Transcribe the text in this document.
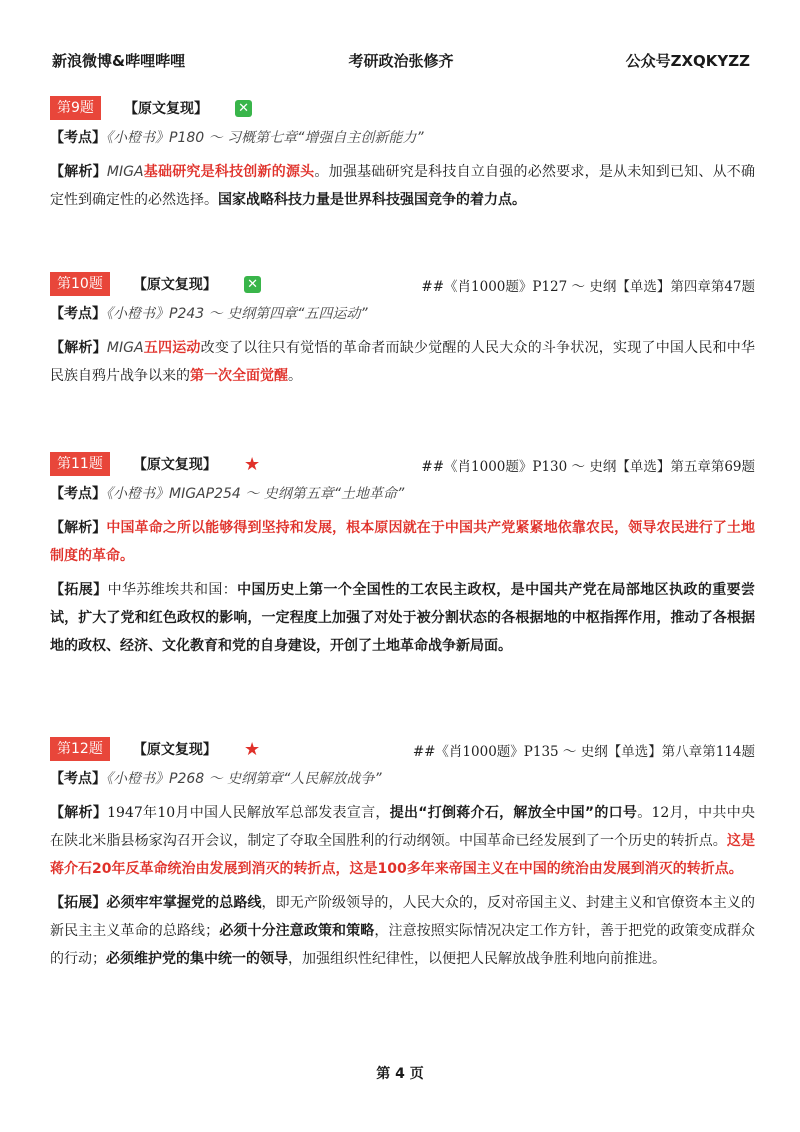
新浪微博&哔哩哔哩	考研政治张修齐	公众号ZXQKYZZ
第9题 【原文复现】 ✕
【考点】《小橙书》P180 ～ 习概第七章“增强自主创新能力”
【解析】MIGA基础研究是科技创新的源头。加强基础研究是科技自立自强的必然要求，是从未知到已知、从不确定性到确定性的必然选择。国家战略科技力量是世界科技强国竞争的着力点。
第10题 【原文复现】 ✕	##《肖1000题》P127 ～ 史纲【单选】第四章第47题
【考点】《小橙书》P243 ～ 史纲第四章“五四运动”
【解析】MIGA五四运动改变了以往只有觉悟的革命者而缺少觉醒的人民大众的斗争状况，实现了中国人民和中华民族自鸦片战争以来的第一次全面觉醒。
第11题 【原文复现】 ★	##《肖1000题》P130 ～ 史纲【单选】第五章第69题
【考点】《小橙书》MIGAP254 ～ 史纲第五章“土地革命”
【解析】中国革命之所以能够得到坚持和发展，根本原因就在于中国共产党紧紧地依靠农民，领导农民进行了土地制度的革命。
【拓展】中华苏维埃共和国：中国历史上第一个全国性的工农民主政权，是中国共产党在局部地区执政的重要尝试，扩大了党和红色政权的影响，一定程度上加强了对处于被分割状态的各根据地的中枢指挥作用，推动了各根据地的政权、经济、文化教育和党的自身建设，开创了土地革命战争新局面。
第12题 【原文复现】 ★	##《肖1000题》P135 ～ 史纲【单选】第八章第114题
【考点】《小橙书》P268 ～ 史纲第章“人民解放战争”
【解析】1947年10月中国人民解放军总部发表宣言，提出“打倒蒋介石，解放全中国”的口号。12月，中共中央在陕北米脂县杨家沟召开会议，制定了夺取全国胜利的行动纲领。中国革命已经发展到了一个历史的转折点。这是蒋介石20年反革命统治由发展到消灭的转折点，这是100多年来帝国主义在中国的统治由发展到消灭的转折点。
【拓展】必须牢牢掌握党的总路线，即无产阶级领导的，人民大众的，反对帝国主义、封建主义和官僚资本主义的新民主主义革命的总路线；必须十分注意政策和策略，注意按照实际情况决定工作方针，善于把党的政策变成群众的行动；必须维护党的集中统一的领导，加强组织性纪律性，以便把人民解放战争胜利地向前推进。
第 4 页
